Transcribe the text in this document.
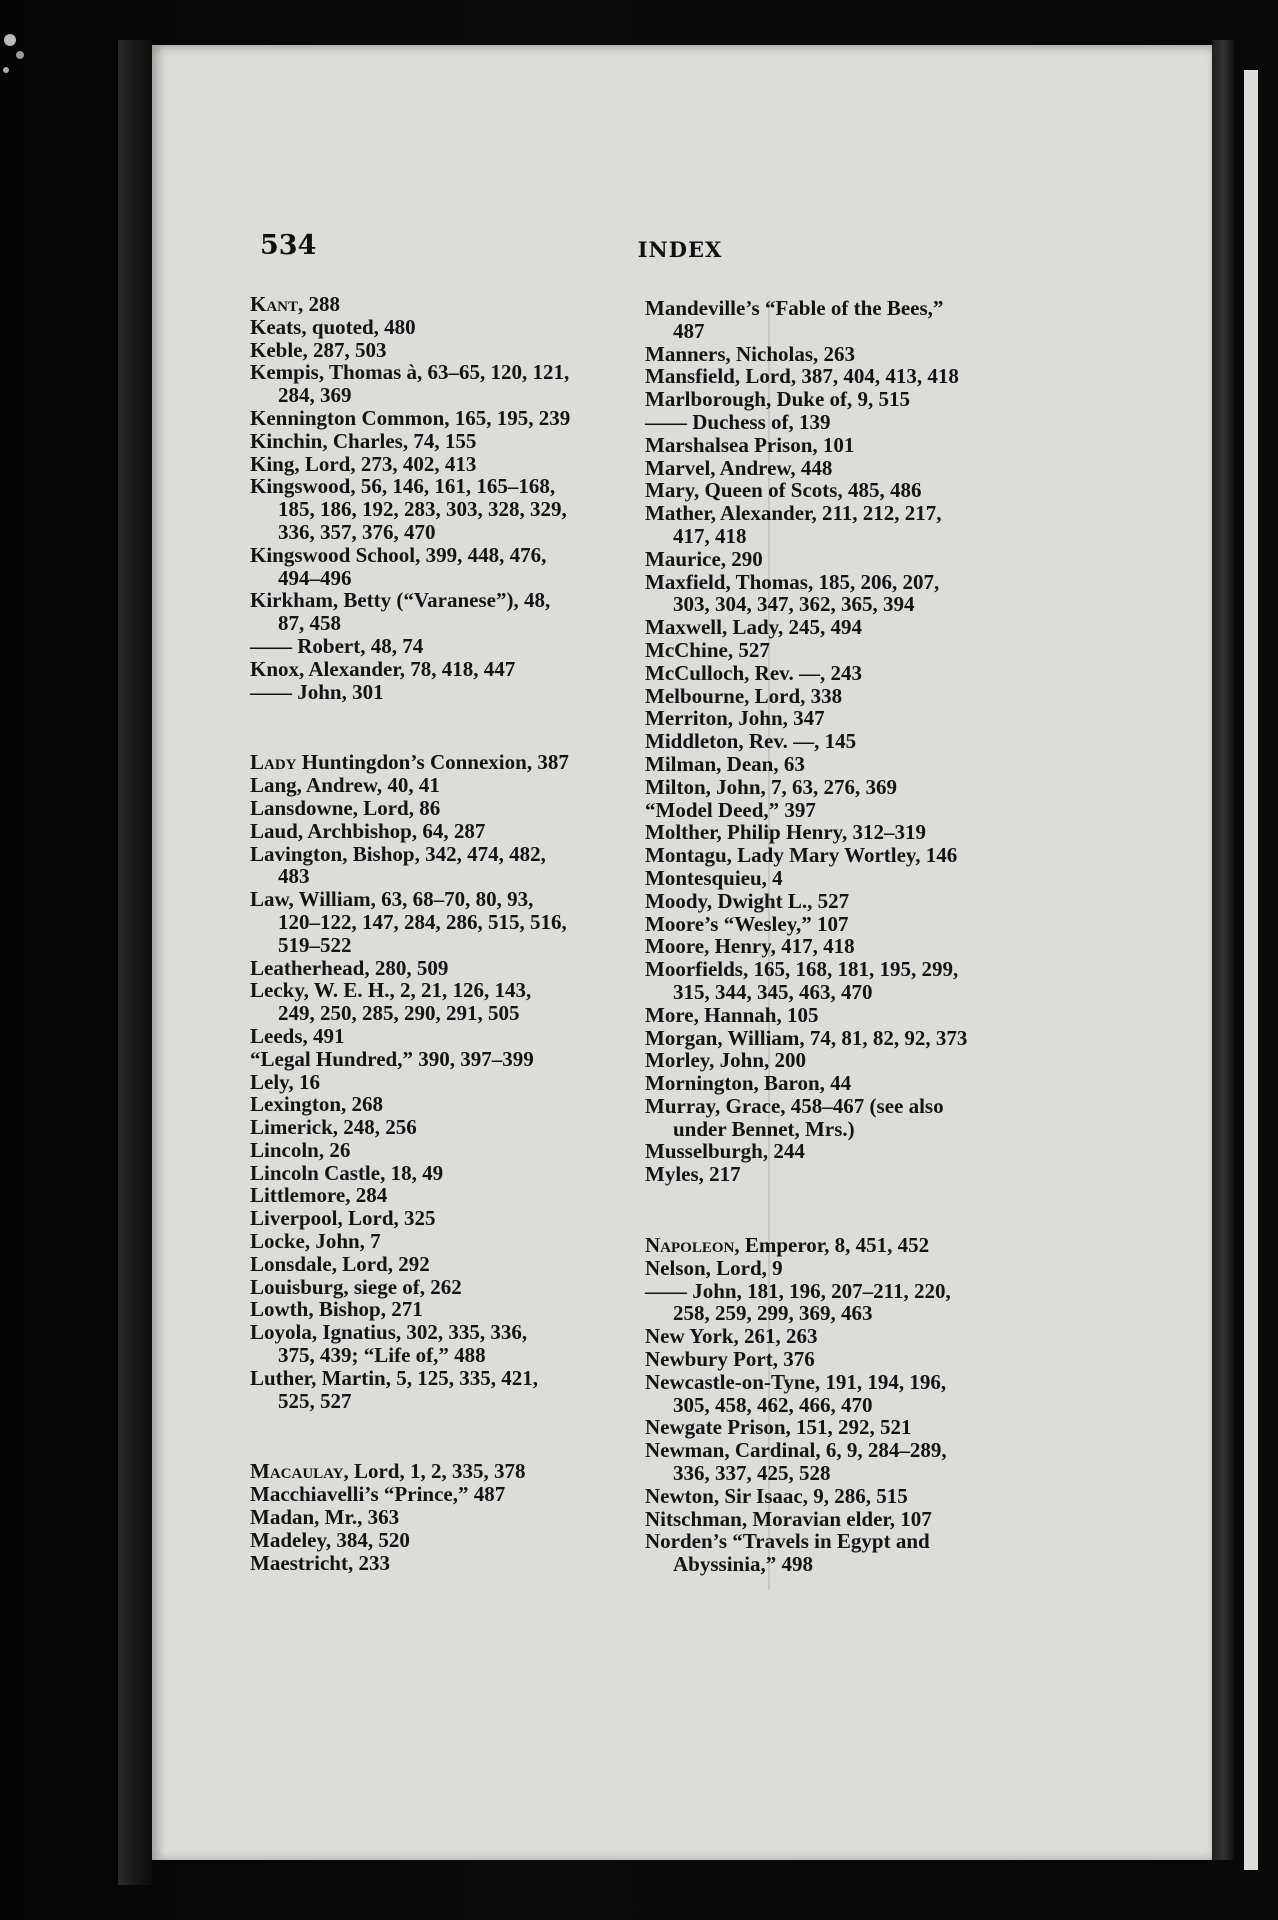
534	INDEX
Kant, 288
Keats, quoted, 480
Keble, 287, 503
Kempis, Thomas à, 63–65, 120, 121,
284, 369
Kennington Common, 165, 195, 239
Kinchin, Charles, 74, 155
King, Lord, 273, 402, 413
Kingswood, 56, 146, 161, 165–168,
185, 186, 192, 283, 303, 328, 329,
336, 357, 376, 470
Kingswood School, 399, 448, 476,
494–496
Kirkham, Betty (“Varanese”), 48,
87, 458
—— Robert, 48, 74
Knox, Alexander, 78, 418, 447
—— John, 301
Lady Huntingdon’s Connexion, 387
Lang, Andrew, 40, 41
Lansdowne, Lord, 86
Laud, Archbishop, 64, 287
Lavington, Bishop, 342, 474, 482,
483
Law, William, 63, 68–70, 80, 93,
120–122, 147, 284, 286, 515, 516,
519–522
Leatherhead, 280, 509
Lecky, W. E. H., 2, 21, 126, 143,
249, 250, 285, 290, 291, 505
Leeds, 491
“Legal Hundred,” 390, 397–399
Lely, 16
Lexington, 268
Limerick, 248, 256
Lincoln, 26
Lincoln Castle, 18, 49
Littlemore, 284
Liverpool, Lord, 325
Locke, John, 7
Lonsdale, Lord, 292
Louisburg, siege of, 262
Lowth, Bishop, 271
Loyola, Ignatius, 302, 335, 336,
375, 439; “Life of,” 488
Luther, Martin, 5, 125, 335, 421,
525, 527
Macaulay, Lord, 1, 2, 335, 378
Macchiavelli’s “Prince,” 487
Madan, Mr., 363
Madeley, 384, 520
Maestricht, 233
Mandeville’s “Fable of the Bees,”
487
Manners, Nicholas, 263
Mansfield, Lord, 387, 404, 413, 418
Marlborough, Duke of, 9, 515
—— Duchess of, 139
Marshalsea Prison, 101
Marvel, Andrew, 448
Mary, Queen of Scots, 485, 486
Mather, Alexander, 211, 212, 217,
417, 418
Maurice, 290
Maxfield, Thomas, 185, 206, 207,
303, 304, 347, 362, 365, 394
Maxwell, Lady, 245, 494
McChine, 527
McCulloch, Rev. —, 243
Melbourne, Lord, 338
Merriton, John, 347
Middleton, Rev. —, 145
Milman, Dean, 63
Milton, John, 7, 63, 276, 369
“Model Deed,” 397
Molther, Philip Henry, 312–319
Montagu, Lady Mary Wortley, 146
Montesquieu, 4
Moody, Dwight L., 527
Moore’s “Wesley,” 107
Moore, Henry, 417, 418
Moorfields, 165, 168, 181, 195, 299,
315, 344, 345, 463, 470
More, Hannah, 105
Morgan, William, 74, 81, 82, 92, 373
Morley, John, 200
Mornington, Baron, 44
Murray, Grace, 458–467 (see also
under Bennet, Mrs.)
Musselburgh, 244
Myles, 217
Napoleon, Emperor, 8, 451, 452
Nelson, Lord, 9
—— John, 181, 196, 207–211, 220,
258, 259, 299, 369, 463
New York, 261, 263
Newbury Port, 376
Newcastle-on-Tyne, 191, 194, 196,
305, 458, 462, 466, 470
Newgate Prison, 151, 292, 521
Newman, Cardinal, 6, 9, 284–289,
336, 337, 425, 528
Newton, Sir Isaac, 9, 286, 515
Nitschman, Moravian elder, 107
Norden’s “Travels in Egypt and
Abyssinia,” 498
